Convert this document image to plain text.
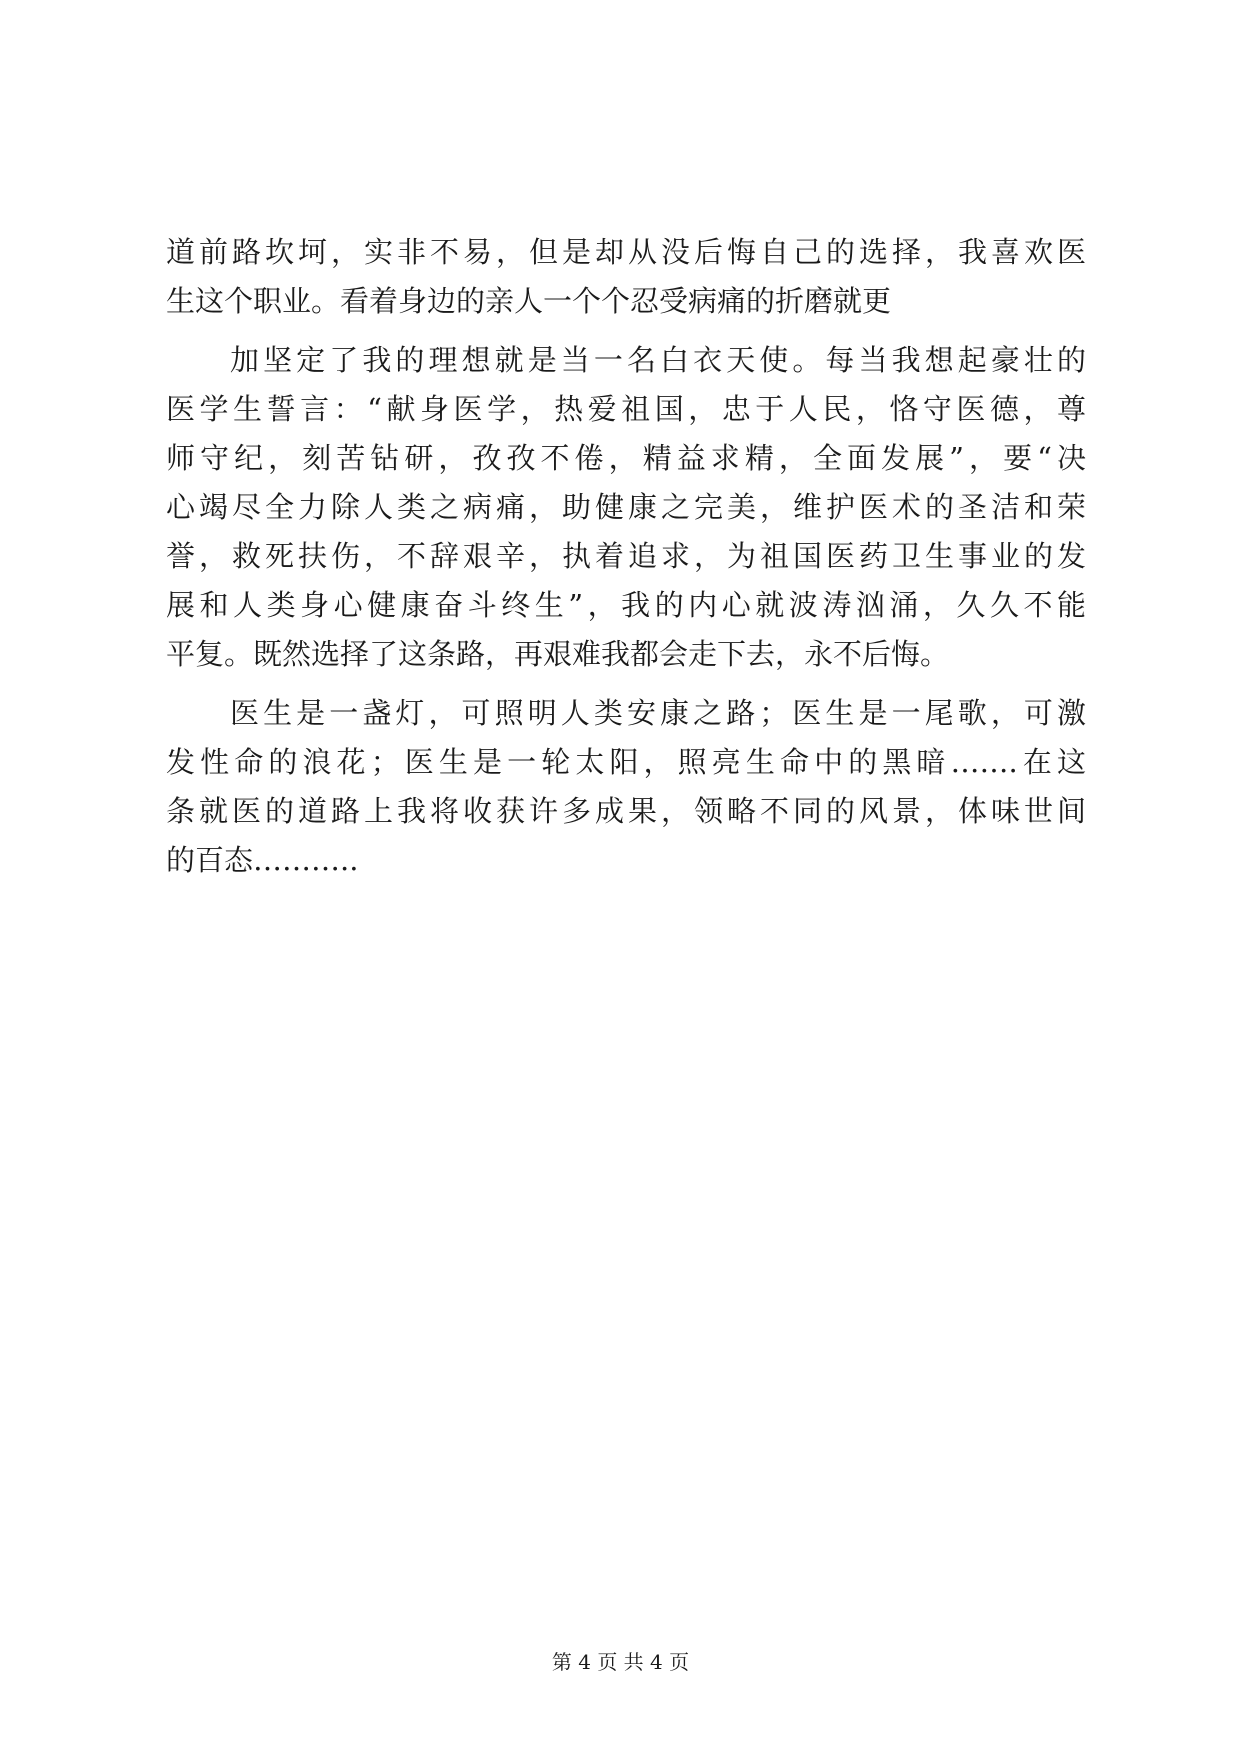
道前路坎坷，实非不易，但是却从没后悔自己的选择，我喜欢医
生这个职业。看着身边的亲人一个个忍受病痛的折磨就更
加坚定了我的理想就是当一名白衣天使。每当我想起豪壮的
医学生誓言：“献身医学，热爱祖国，忠于人民，恪守医德，尊
师守纪，刻苦钻研，孜孜不倦，精益求精，全面发展”，要“决
心竭尽全力除人类之病痛，助健康之完美，维护医术的圣洁和荣
誉，救死扶伤，不辞艰辛，执着追求，为祖国医药卫生事业的发
展和人类身心健康奋斗终生”，我的内心就波涛汹涌，久久不能
平复。既然选择了这条路，再艰难我都会走下去，永不后悔。
医生是一盏灯，可照明人类安康之路；医生是一尾歌，可激
发性命的浪花；医生是一轮太阳，照亮生命中的黑暗…….在这
条就医的道路上我将收获许多成果，领略不同的风景，体味世间
的百态………..
第 4 页 共 4 页
